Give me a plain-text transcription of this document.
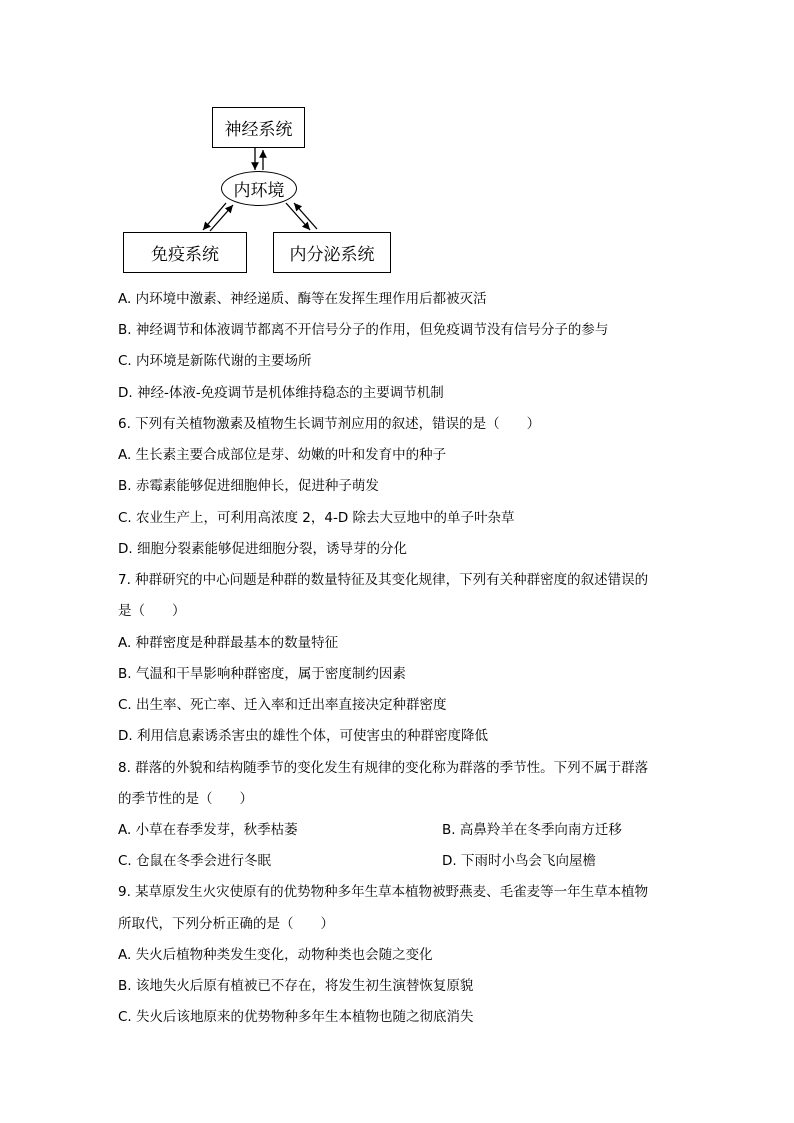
神经系统
内环境
免疫系统	内分泌系统
A. 内环境中激素、神经递质、酶等在发挥生理作用后都被灭活
B. 神经调节和体液调节都离不开信号分子的作用，但免疫调节没有信号分子的参与
C. 内环境是新陈代谢的主要场所
D. 神经-体液-免疫调节是机体维持稳态的主要调节机制
6. 下列有关植物激素及植物生长调节剂应用的叙述，错误的是（　　）
A. 生长素主要合成部位是芽、幼嫩的叶和发育中的种子
B. 赤霉素能够促进细胞伸长，促进种子萌发
C. 农业生产上，可利用高浓度 2，4-D 除去大豆地中的单子叶杂草
D. 细胞分裂素能够促进细胞分裂，诱导芽的分化
7. 种群研究的中心问题是种群的数量特征及其变化规律，下列有关种群密度的叙述错误的
是（　　）
A. 种群密度是种群最基本的数量特征
B. 气温和干旱影响种群密度，属于密度制约因素
C. 出生率、死亡率、迁入率和迁出率直接决定种群密度
D. 利用信息素诱杀害虫的雄性个体，可使害虫的种群密度降低
8. 群落的外貌和结构随季节的变化发生有规律的变化称为群落的季节性。下列不属于群落
的季节性的是（　　）
A. 小草在春季发芽，秋季枯萎	B. 高鼻羚羊在冬季向南方迁移
C. 仓鼠在冬季会进行冬眠	D. 下雨时小鸟会飞向屋檐
9. 某草原发生火灾使原有的优势物种多年生草本植物被野燕麦、毛雀麦等一年生草本植物
所取代，下列分析正确的是（　　）
A. 失火后植物种类发生变化，动物种类也会随之变化
B. 该地失火后原有植被已不存在，将发生初生演替恢复原貌
C. 失火后该地原来的优势物种多年生本植物也随之彻底消失
